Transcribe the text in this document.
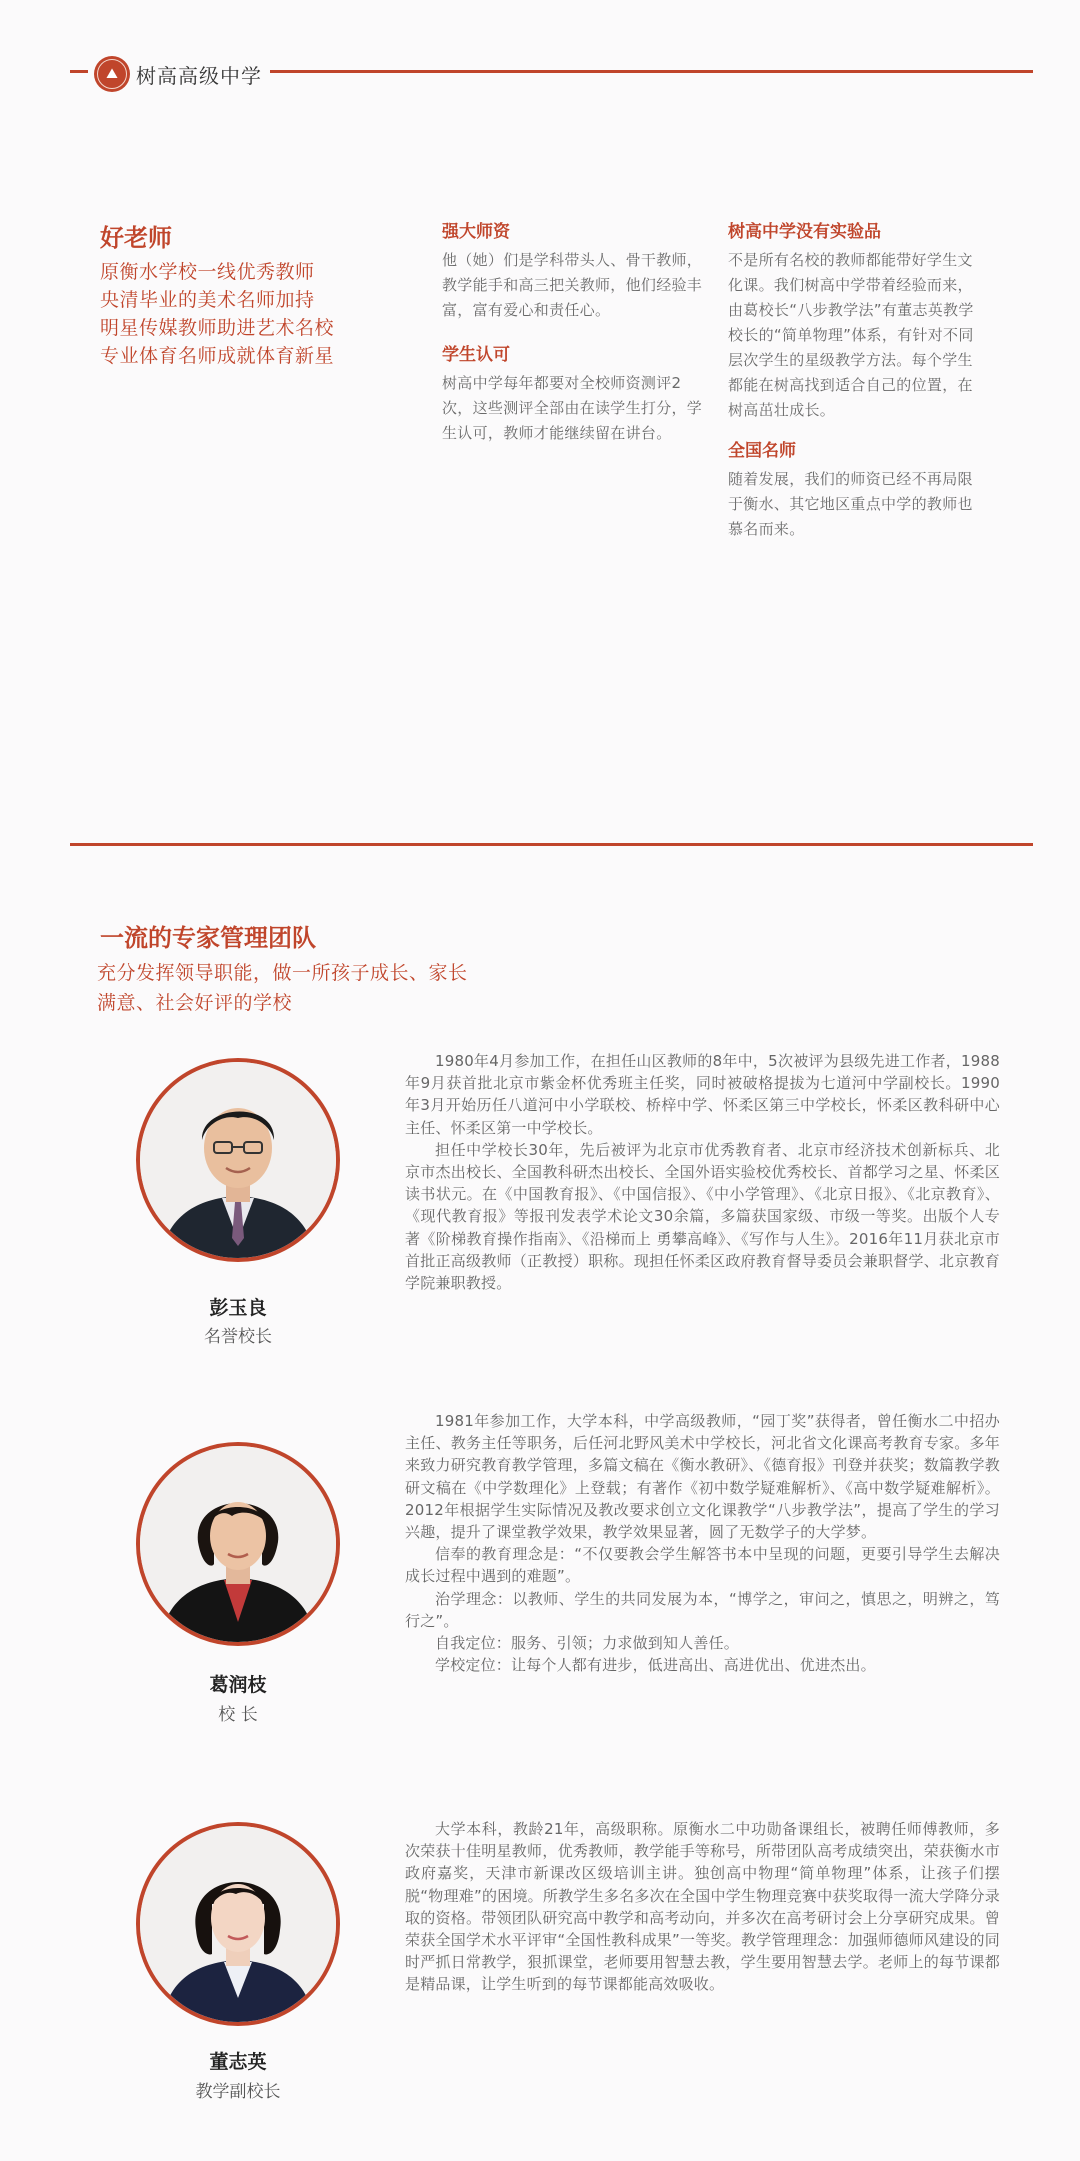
⛰ 树高高级中学
好老师
原衡水学校一线优秀教师
央清毕业的美术名师加持
明星传媒教师助进艺术名校
专业体育名师成就体育新星
强大师资
他（她）们是学科带头人、骨干教师，教学能手和高三把关教师，他们经验丰富，富有爱心和责任心。
学生认可
树高中学每年都要对全校师资测评2次，这些测评全部由在读学生打分，学生认可，教师才能继续留在讲台。
树高中学没有实验品
不是所有名校的教师都能带好学生文化课。我们树高中学带着经验而来，由葛校长“八步教学法”有董志英教学校长的“简单物理”体系，有针对不同层次学生的星级教学方法。每个学生都能在树高找到适合自己的位置，在树高茁壮成长。
全国名师
随着发展，我们的师资已经不再局限于衡水、其它地区重点中学的教师也慕名而来。
一流的专家管理团队
充分发挥领导职能，做一所孩子成长、家长
满意、社会好评的学校
彭玉良
名誉校长

1980年4月参加工作，在担任山区教师的8年中，5次被评为县级先进工作者，1988年9月获首批北京市紫金杯优秀班主任奖，同时被破格提拔为七道河中学副校长。1990年3月开始历任八道河中小学联校、桥梓中学、怀柔区第三中学校长，怀柔区教科研中心主任、怀柔区第一中学校长。

担任中学校长30年，先后被评为北京市优秀教育者、北京市经济技术创新标兵、北京市杰出校长、全国教科研杰出校长、全国外语实验校优秀校长、首都学习之星、怀柔区读书状元。在《中国教育报》、《中国信报》、《中小学管理》、《北京日报》、《北京教育》、《现代教育报》等报刊发表学术论文30余篇，多篇获国家级、市级一等奖。出版个人专著《阶梯教育操作指南》、《沿梯而上 勇攀高峰》、《写作与人生》。2016年11月获北京市首批正高级教师（正教授）职称。现担任怀柔区政府教育督导委员会兼职督学、北京教育学院兼职教授。

葛润枝
校 长

1981年参加工作，大学本科，中学高级教师，“园丁奖”获得者，曾任衡水二中招办主任、教务主任等职务，后任河北野风美术中学校长，河北省文化课高考教育专家。多年来致力研究教育教学管理，多篇文稿在《衡水教研》、《德育报》刊登并获奖；数篇教学教研文稿在《中学数理化》上登载；有著作《初中数学疑难解析》、《高中数学疑难解析》。2012年根据学生实际情况及教改要求创立文化课教学“八步教学法”，提高了学生的学习兴趣，提升了课堂教学效果，教学效果显著，圆了无数学子的大学梦。

信奉的教育理念是：“不仅要教会学生解答书本中呈现的问题，更要引导学生去解决成长过程中遇到的难题”。

治学理念：以教师、学生的共同发展为本，“博学之，审问之，慎思之，明辨之，笃行之”。

自我定位：服务、引领；力求做到知人善任。

学校定位：让每个人都有进步，低进高出、高进优出、优进杰出。

董志英
教学副校长

大学本科，教龄21年，高级职称。原衡水二中功勋备课组长，被聘任师傅教师，多次荣获十佳明星教师，优秀教师，教学能手等称号，所带团队高考成绩突出，荣获衡水市政府嘉奖，天津市新课改区级培训主讲。独创高中物理“简单物理”体系，让孩子们摆脱“物理难”的困境。所教学生多名多次在全国中学生物理竞赛中获奖取得一流大学降分录取的资格。带领团队研究高中教学和高考动向，并多次在高考研讨会上分享研究成果。曾荣获全国学术水平评审“全国性教科成果”一等奖。教学管理理念：加强师德师风建设的同时严抓日常教学，狠抓课堂，老师要用智慧去教，学生要用智慧去学。老师上的每节课都是精品课，让学生听到的每节课都能高效吸收。
